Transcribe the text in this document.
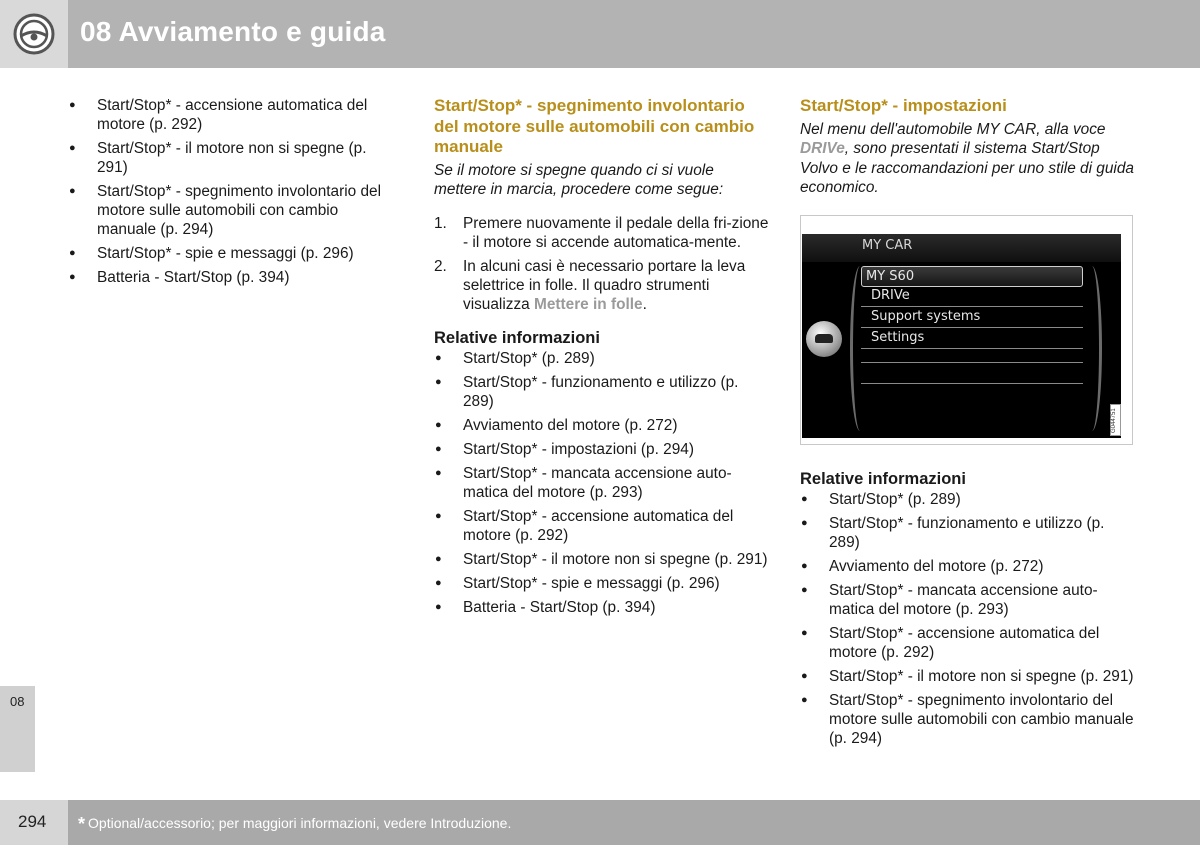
08 Avviamento e guida
● Start/Stop* - accensione automatica del motore (p. 292)
● Start/Stop* - il motore non si spegne (p. 291)
● Start/Stop* - spegnimento involontario del motore sulle automobili con cambio manuale (p. 294)
● Start/Stop* - spie e messaggi (p. 296)
● Batteria - Start/Stop (p. 394)
Start/Stop* - spegnimento involontario del motore sulle automobili con cambio manuale
Se il motore si spegne quando ci si vuole mettere in marcia, procedere come segue:
1. Premere nuovamente il pedale della fri-zione - il motore si accende automatica-mente.
2. In alcuni casi è necessario portare la leva selettrice in folle. Il quadro strumenti visualizza Mettere in folle.
Relative informazioni
● Start/Stop* (p. 289)
● Start/Stop* - funzionamento e utilizzo (p. 289)
● Avviamento del motore (p. 272)
● Start/Stop* - impostazioni (p. 294)
● Start/Stop* - mancata accensione auto-matica del motore (p. 293)
● Start/Stop* - accensione automatica del motore (p. 292)
● Start/Stop* - il motore non si spegne (p. 291)
● Start/Stop* - spie e messaggi (p. 296)
● Batteria - Start/Stop (p. 394)
Start/Stop* - impostazioni
Nel menu dell'automobile MY CAR, alla voce DRIVe, sono presentati il sistema Start/Stop Volvo e le raccomandazioni per uno stile di guida economico.
MY CAR
MY S60
DRIVe
Support systems
Settings
G044751
Relative informazioni
● Start/Stop* (p. 289)
● Start/Stop* - funzionamento e utilizzo (p. 289)
● Avviamento del motore (p. 272)
● Start/Stop* - mancata accensione auto-matica del motore (p. 293)
● Start/Stop* - accensione automatica del motore (p. 292)
● Start/Stop* - il motore non si spegne (p. 291)
● Start/Stop* - spegnimento involontario del motore sulle automobili con cambio manuale (p. 294)
08
294 * Optional/accessorio; per maggiori informazioni, vedere Introduzione.
